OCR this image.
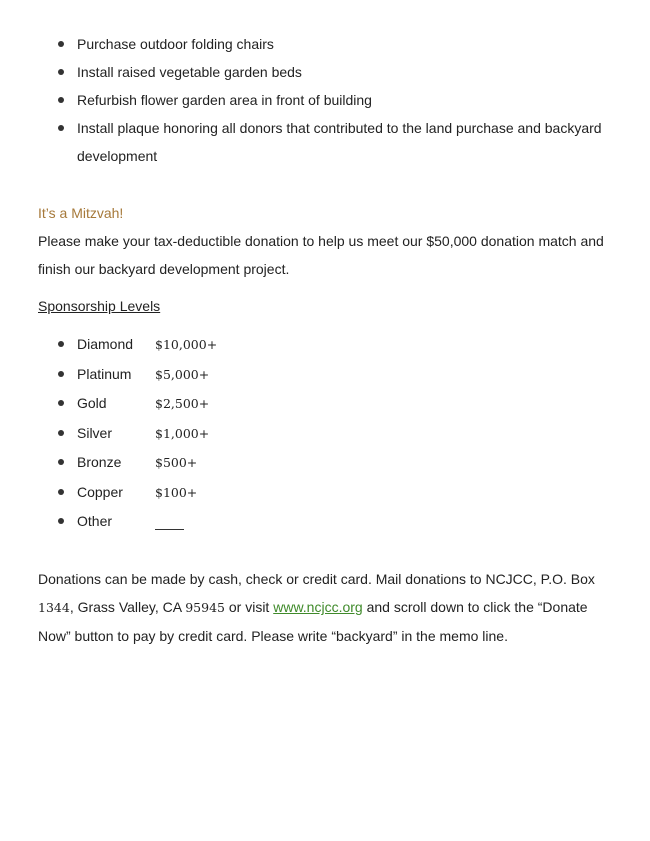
Purchase outdoor folding chairs
Install raised vegetable garden beds
Refurbish flower garden area in front of building
Install plaque honoring all donors that contributed to the land purchase and backyard development
It’s a Mitzvah!

Please make your tax-deductible donation to help us meet our $50,000 donation match and finish our backyard development project.

Sponsorship Levels

Diamond $10,000+
Platinum $5,000+
Gold	$2,500+
Silver	$1,000+
Bronze	$500+
Copper	$100+
Other

Donations can be made by cash, check or credit card. Mail donations to NCJCC, P.O. Box 1344, Grass Valley, CA 95945 or visit www.ncjcc.org and scroll down to click the “Donate Now” button to pay by credit card. Please write “backyard” in the memo line.
